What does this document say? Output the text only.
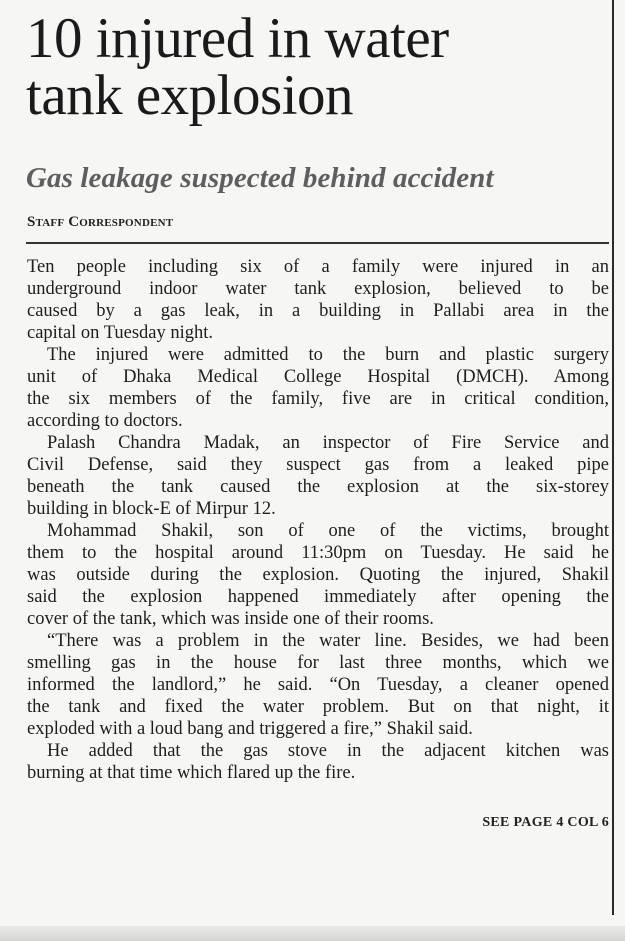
10 injured in water
tank explosion
Gas leakage suspected behind accident
Staff Correspondent
Ten people including six of a family were injured in an
underground indoor water tank explosion, believed to be
caused by a gas leak, in a building in Pallabi area in the
capital on Tuesday night.
The injured were admitted to the burn and plastic surgery
unit of Dhaka Medical College Hospital (DMCH). Among
the six members of the family, five are in critical condition,
according to doctors.
Palash Chandra Madak, an inspector of Fire Service and
Civil Defense, said they suspect gas from a leaked pipe
beneath the tank caused the explosion at the six-storey
building in block-E of Mirpur 12.
Mohammad Shakil, son of one of the victims, brought
them to the hospital around 11:30pm on Tuesday. He said he
was outside during the explosion. Quoting the injured, Shakil
said the explosion happened immediately after opening the
cover of the tank, which was inside one of their rooms.
“There was a problem in the water line. Besides, we had been
smelling gas in the house for last three months, which we
informed the landlord,” he said. “On Tuesday, a cleaner opened
the tank and fixed the water problem. But on that night, it
exploded with a loud bang and triggered a fire,” Shakil said.
He added that the gas stove in the adjacent kitchen was
burning at that time which flared up the fire.
SEE PAGE 4 COL 6
